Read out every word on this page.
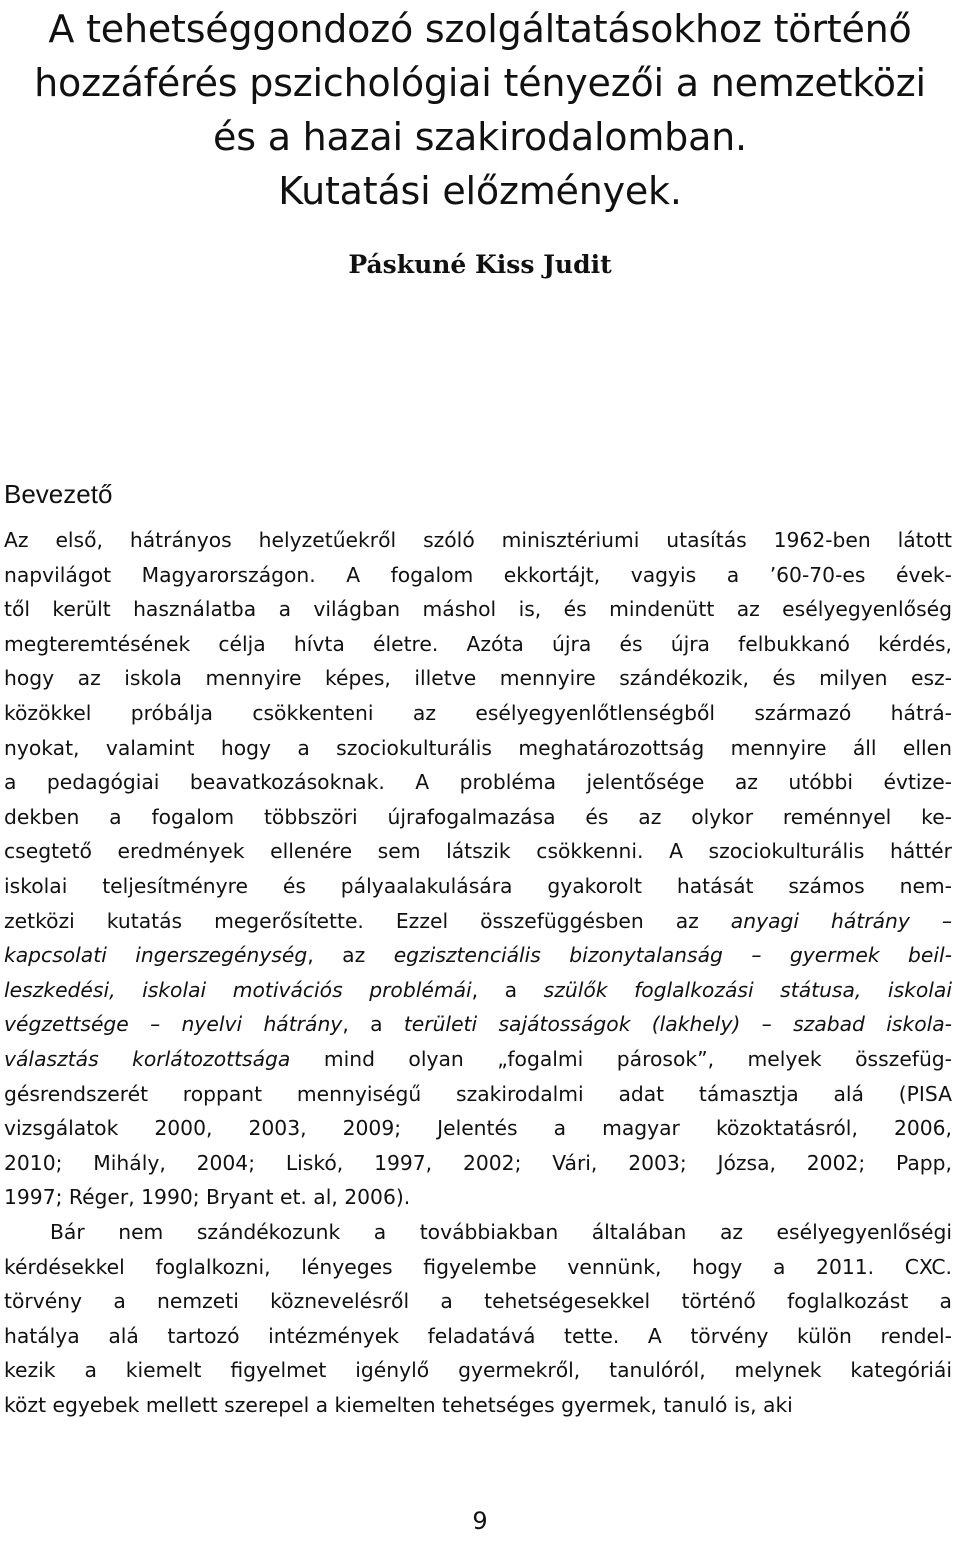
A tehetséggondozó szolgáltatásokhoz történő
hozzáférés pszichológiai tényezői a nemzetközi
és a hazai szakirodalomban.
Kutatási előzmények.

Páskuné Kiss Judit

Bevezető
Az első, hátrányos helyzetűekről szóló minisztériumi utasítás 1962-ben látott
napvilágot Magyarországon. A fogalom ekkortájt, vagyis a ’60-70-es évek-
től került használatba a világban máshol is, és mindenütt az esélyegyenlőség
megteremtésének célja hívta életre. Azóta újra és újra felbukkanó kérdés,
hogy az iskola mennyire képes, illetve mennyire szándékozik, és milyen esz-
közökkel próbálja csökkenteni az esélyegyenlőtlenségből származó hátrá-
nyokat, valamint hogy a szociokulturális meghatározottság mennyire áll ellen
a pedagógiai beavatkozásoknak. A probléma jelentősége az utóbbi évtize-
dekben a fogalom többszöri újrafogalmazása és az olykor reménnyel ke-
csegtető eredmények ellenére sem látszik csökkenni. A szociokulturális háttér
iskolai teljesítményre és pályaalakulására gyakorolt hatását számos nem-
zetközi kutatás megerősítette. Ezzel összefüggésben az anyagi hátrány –
kapcsolati ingerszegénység, az egzisztenciális bizonytalanság – gyermek beil-
leszkedési, iskolai motivációs problémái, a szülők foglalkozási státusa, iskolai
végzettsége – nyelvi hátrány, a területi sajátosságok (lakhely) – szabad iskola-
választás korlátozottsága mind olyan „fogalmi párosok”, melyek összefüg-
gésrendszerét roppant mennyiségű szakirodalmi adat támasztja alá (PISA
vizsgálatok 2000, 2003, 2009; Jelentés a magyar közoktatásról, 2006,
2010; Mihály, 2004; Liskó, 1997, 2002; Vári, 2003; Józsa, 2002; Papp,
1997; Réger, 1990; Bryant et. al, 2006).
Bár nem szándékozunk a továbbiakban általában az esélyegyenlőségi
kérdésekkel foglalkozni, lényeges figyelembe vennünk, hogy a 2011. CXC.
törvény a nemzeti köznevelésről a tehetségesekkel történő foglalkozást a
hatálya alá tartozó intézmények feladatává tette. A törvény külön rendel-
kezik a kiemelt figyelmet igénylő gyermekről, tanulóról, melynek kategóriái
közt egyebek mellett szerepel a kiemelten tehetséges gyermek, tanuló is, aki

9
